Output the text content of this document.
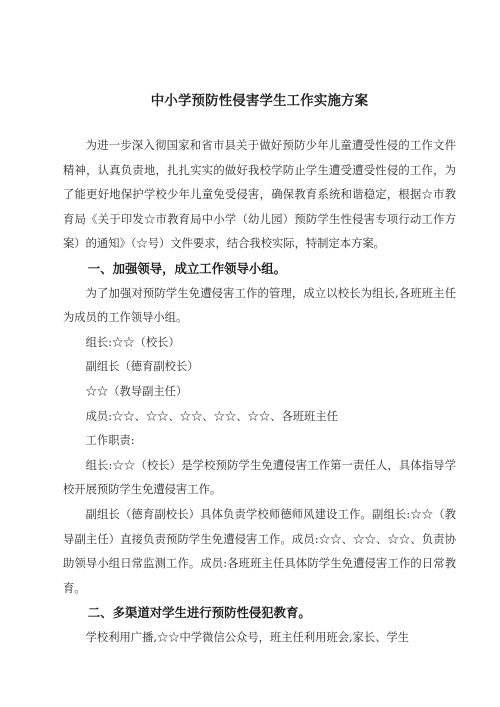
中小学预防性侵害学生工作实施方案

为进一步深入彻国家和省市县关于做好预防少年儿童遭受性侵的工作文件精神，认真负责地，扎扎实实的做好我校学防止学生遭受遭受性侵的工作，为了能更好地保护学校少年儿童免受侵害，确保教育系统和谐稳定，根据☆市教育局《关于印发☆市教育局中小学（幼儿园）预防学生性侵害专项行动工作方案）的通知》（☆号）文件要求，结合我校实际，特制定本方案。

一、加强领导，成立工作领导小组。

为了加强对预防学生免遭侵害工作的管理，成立以校长为组长,各班班主任为成员的工作领导小组。

组长:☆☆（校长）
副组长（德育副校长）
☆☆（教导副主任）
成员:☆☆、☆☆、☆☆、☆☆、☆☆、各班班主任
工作职责:

组长:☆☆（校长）是学校预防学生免遭侵害工作第一责任人，具体指导学校开展预防学生免遭侵害工作。

副组长（德育副校长）具体负责学校师德师风建设工作。副组长:☆☆（教导副主任）直接负责预防学生免遭侵害工作。成员:☆☆、☆☆、☆☆、负责协助领导小组日常监测工作。成员:各班班主任具体防学生免遭侵害工作的日常教育。

二、多渠道对学生进行预防性侵犯教育。

学校利用广播,☆☆中学微信公众号，班主任利用班会,家长、学生
